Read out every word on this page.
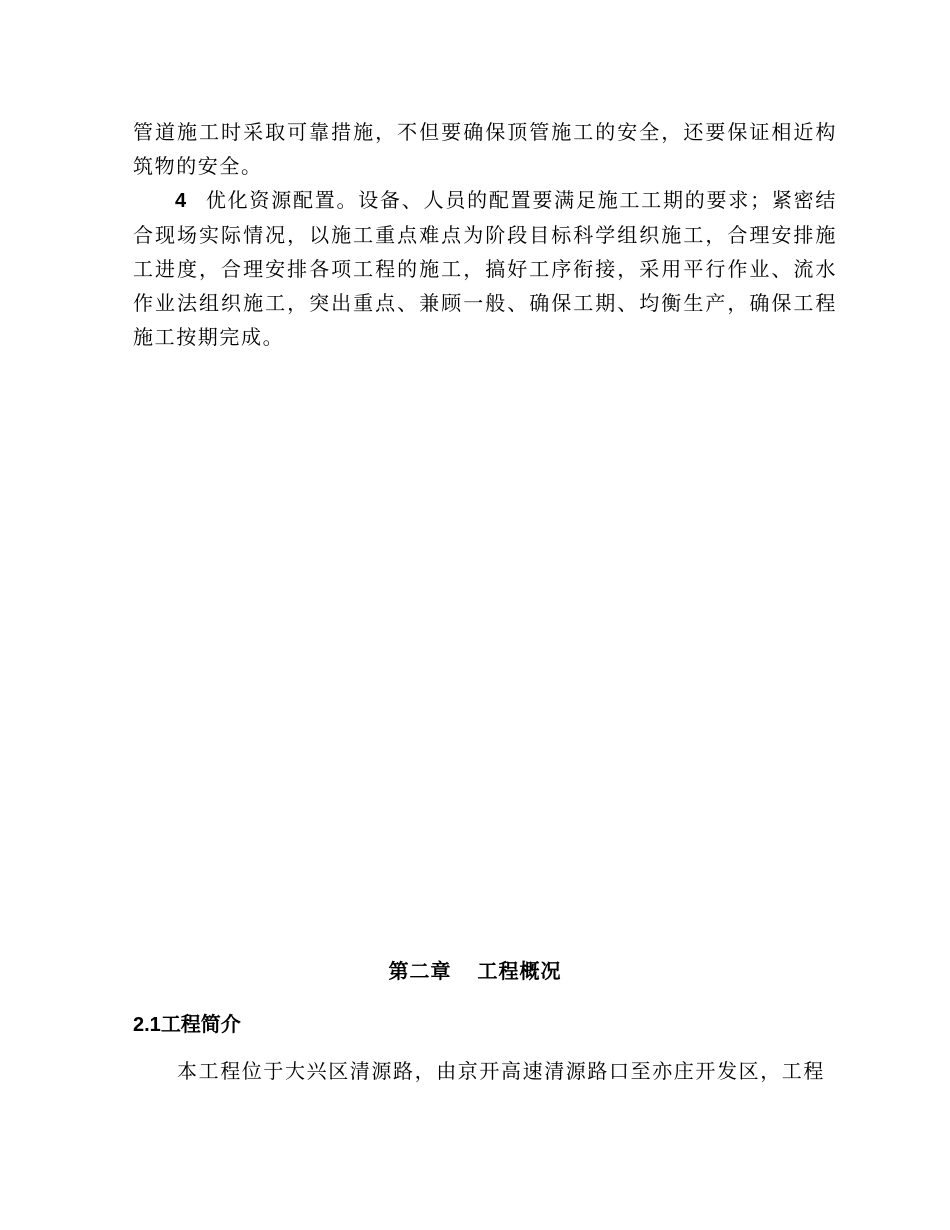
管道施工时采取可靠措施，不但要确保顶管施工的安全，还要保证相近构筑物的安全。

4 优化资源配置。设备、人员的配置要满足施工工期的要求；紧密结合现场实际情况，以施工重点难点为阶段目标科学组织施工，合理安排施工进度，合理安排各项工程的施工，搞好工序衔接，采用平行作业、流水作业法组织施工，突出重点、兼顾一般、确保工期、均衡生产，确保工程施工按期完成。

第二章 工程概况
2.1工程简介

本工程位于大兴区清源路，由京开高速清源路口至亦庄开发区，工程
